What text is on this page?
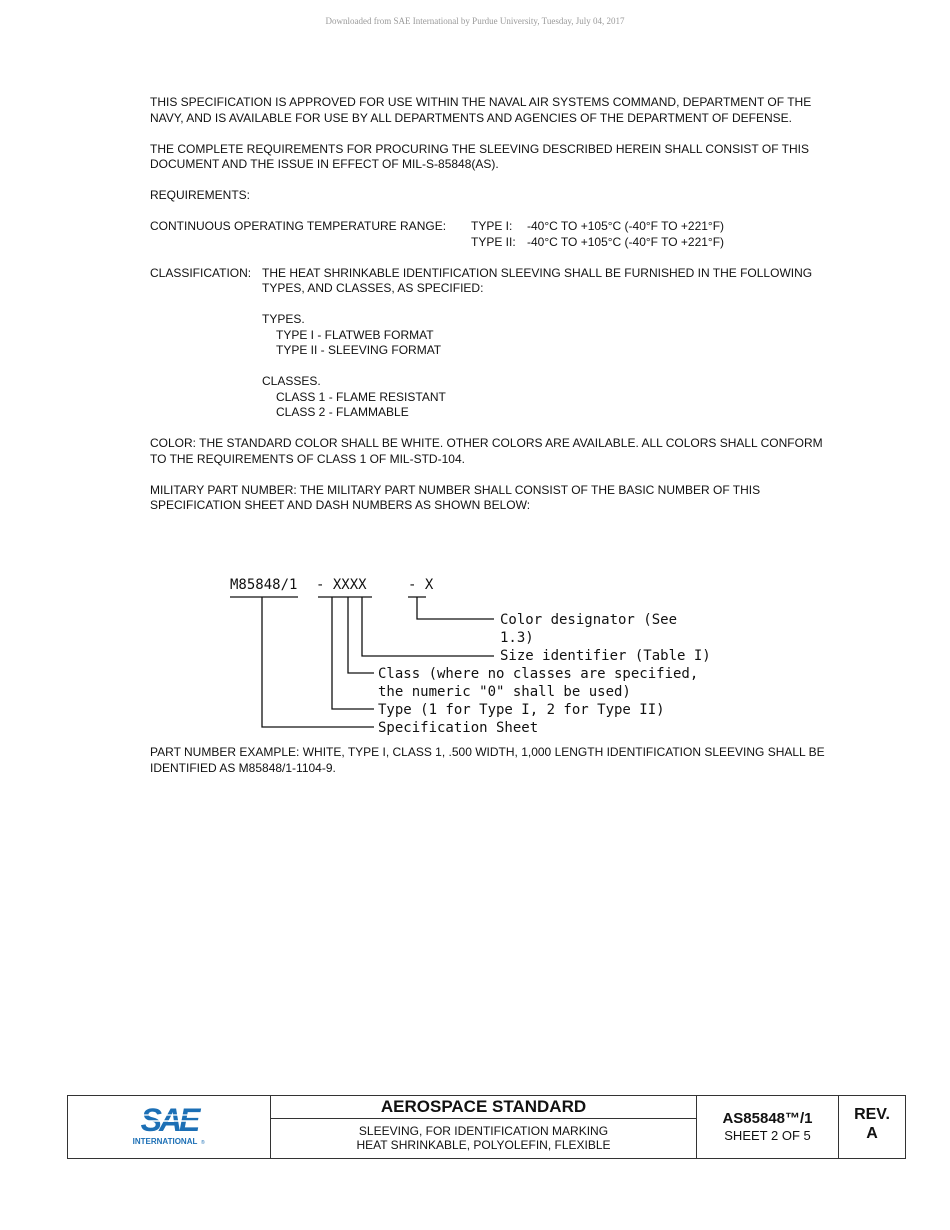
Downloaded from SAE International by Purdue University, Tuesday, July 04, 2017

THIS SPECIFICATION IS APPROVED FOR USE WITHIN THE NAVAL AIR SYSTEMS COMMAND, DEPARTMENT OF THE NAVY, AND IS AVAILABLE FOR USE BY ALL DEPARTMENTS AND AGENCIES OF THE DEPARTMENT OF DEFENSE.

THE COMPLETE REQUIREMENTS FOR PROCURING THE SLEEVING DESCRIBED HEREIN SHALL CONSIST OF THIS DOCUMENT AND THE ISSUE IN EFFECT OF MIL-S-85848(AS).

REQUIREMENTS:

CONTINUOUS OPERATING TEMPERATURE RANGE:	TYPE I:	-40°C TO +105°C (-40°F TO +221°F)
TYPE II: -40°C TO +105°C (-40°F TO +221°F)
CLASSIFICATION: THE HEAT SHRINKABLE IDENTIFICATION SLEEVING SHALL BE FURNISHED IN THE FOLLOWING TYPES, AND CLASSES, AS SPECIFIED:
TYPES.
TYPE I - FLATWEB FORMAT
TYPE II - SLEEVING FORMAT
CLASSES.
CLASS 1 - FLAME RESISTANT
CLASS 2 - FLAMMABLE

COLOR: THE STANDARD COLOR SHALL BE WHITE. OTHER COLORS ARE AVAILABLE. ALL COLORS SHALL CONFORM TO THE REQUIREMENTS OF CLASS 1 OF MIL-STD-104.

MILITARY PART NUMBER: THE MILITARY PART NUMBER SHALL CONSIST OF THE BASIC NUMBER OF THIS SPECIFICATION SHEET AND DASH NUMBERS AS SHOWN BELOW:

M85848/1 - XXXX	- X
Color designator (See
1.3)
Size identifier (Table I)
Class (where no classes are specified,
the numeric "0" shall be used)
Type (1 for Type I, 2 for Type II)
Specification Sheet
PART NUMBER EXAMPLE: WHITE, TYPE I, CLASS 1, .500 WIDTH, 1,000 LENGTH IDENTIFICATION SLEEVING SHALL BE IDENTIFIED AS M85848/1-1104-9.
SAE
INTERNATIONAL ®
AEROSPACE STANDARD
SLEEVING, FOR IDENTIFICATION MARKING
HEAT SHRINKABLE, POLYOLEFIN, FLEXIBLE
AS85848™/1
SHEET 2 OF 5
REV.
A
